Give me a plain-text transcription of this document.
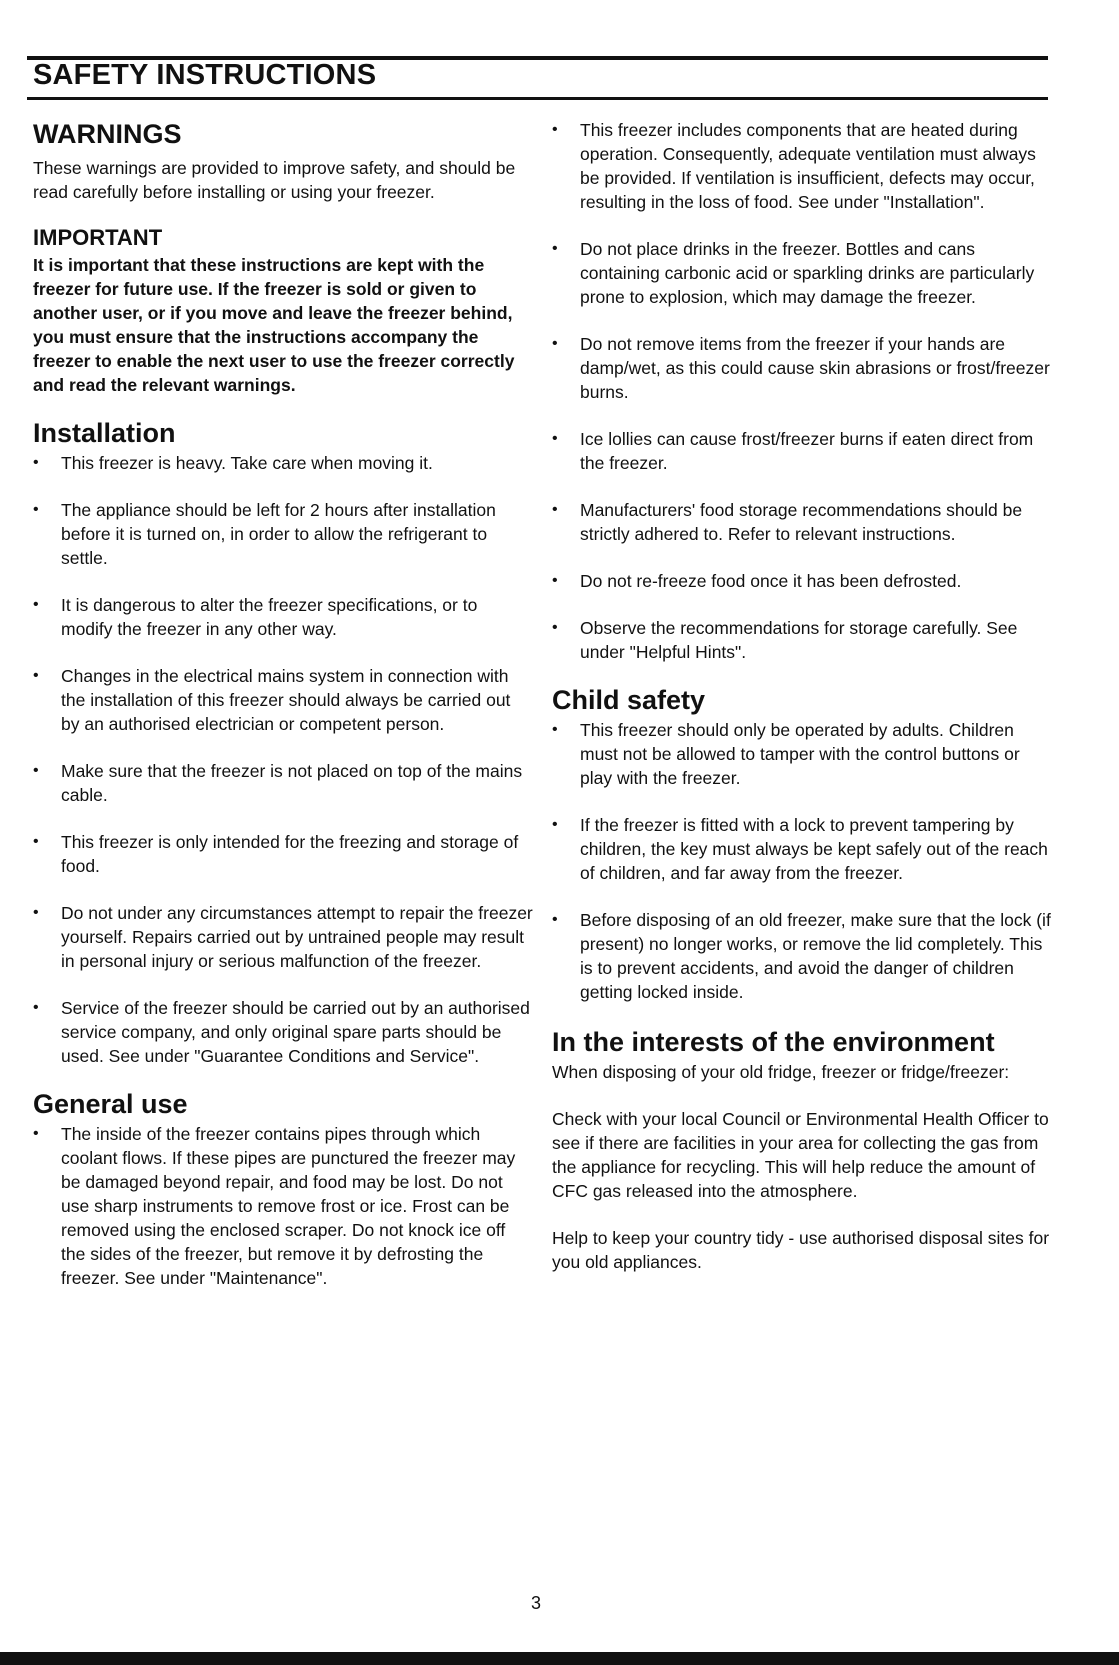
SAFETY INSTRUCTIONS
WARNINGS

These warnings are provided to improve safety, and should be read carefully before installing or using your freezer.

IMPORTANT

It is important that these instructions are kept with the freezer for future use. If the freezer is sold or given to another user, or if you move and leave the freezer behind, you must ensure that the instructions accompany the freezer to enable the next user to use the freezer correctly and read the relevant warnings.

Installation
• This freezer is heavy. Take care when moving it.
• The appliance should be left for 2 hours after installation before it is turned on, in order to allow the refrigerant to settle.
• It is dangerous to alter the freezer specifications, or to modify the freezer in any other way.
• Changes in the electrical mains system in connection with the installation of this freezer should always be carried out by an authorised electrician or competent person.
• Make sure that the freezer is not placed on top of the mains cable.
• This freezer is only intended for the freezing and storage of food.
• Do not under any circumstances attempt to repair the freezer yourself. Repairs carried out by untrained people may result in personal injury or serious malfunction of the freezer.
• Service of the freezer should be carried out by an authorised service company, and only original spare parts should be used. See under "Guarantee Conditions and Service".
General use
• The inside of the freezer contains pipes through which coolant flows. If these pipes are punctured the freezer may be damaged beyond repair, and food may be lost. Do not use sharp instruments to remove frost or ice. Frost can be removed using the enclosed scraper. Do not knock ice off the sides of the freezer, but remove it by defrosting the freezer. See under "Maintenance".
• This freezer includes components that are heated during operation. Consequently, adequate ventilation must always be provided. If ventilation is insufficient, defects may occur, resulting in the loss of food. See under "Installation".
• Do not place drinks in the freezer. Bottles and cans containing carbonic acid or sparkling drinks are particularly prone to explosion, which may damage the freezer.
• Do not remove items from the freezer if your hands are damp/wet, as this could cause skin abrasions or frost/freezer burns.
• Ice lollies can cause frost/freezer burns if eaten direct from the freezer.
• Manufacturers' food storage recommendations should be strictly adhered to. Refer to relevant instructions.
• Do not re-freeze food once it has been defrosted.
• Observe the recommendations for storage carefully. See under "Helpful Hints".
Child safety
• This freezer should only be operated by adults. Children must not be allowed to tamper with the control buttons or play with the freezer.
• If the freezer is fitted with a lock to prevent tampering by children, the key must always be kept safely out of the reach of children, and far away from the freezer.
• Before disposing of an old freezer, make sure that the lock (if present) no longer works, or remove the lid completely. This is to prevent accidents, and avoid the danger of children getting locked inside.
In the interests of the environment

When disposing of your old fridge, freezer or fridge/freezer:

Check with your local Council or Environmental Health Officer to see if there are facilities in your area for collecting the gas from the appliance for recycling. This will help reduce the amount of CFC gas released into the atmosphere.

Help to keep your country tidy - use authorised disposal sites for you old appliances.

3
